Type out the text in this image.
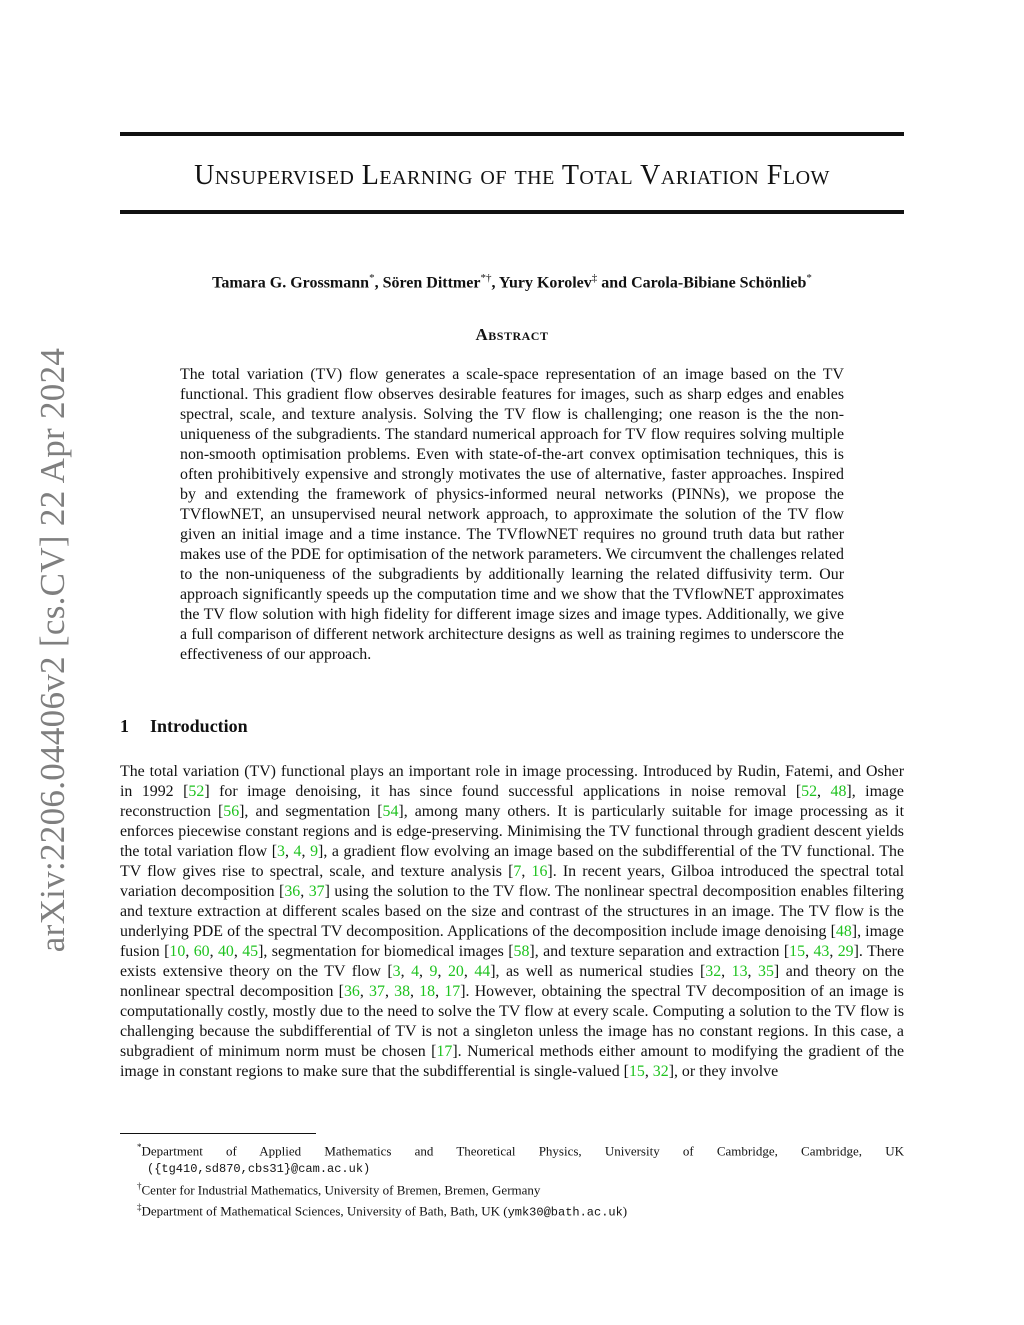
arXiv:2206.04406v2 [cs.CV] 22 Apr 2024
Unsupervised Learning of the Total Variation Flow
Tamara G. Grossmann*, Sören Dittmer*†, Yury Korolev‡ and Carola-Bibiane Schönlieb*
Abstract

The total variation (TV) flow generates a scale-space representation of an image based on the TV functional. This gradient flow observes desirable features for images, such as sharp edges and enables spectral, scale, and texture analysis. Solving the TV flow is challenging; one reason is the the non-uniqueness of the subgradients. The standard numerical approach for TV flow requires solving multiple non-smooth optimisation problems. Even with state-of-the-art convex optimisation techniques, this is often prohibitively expensive and strongly motivates the use of alternative, faster approaches. Inspired by and extending the framework of physics-informed neural networks (PINNs), we propose the TVflowNET, an unsupervised neural network approach, to approximate the solution of the TV flow given an initial image and a time instance. The TVflowNET requires no ground truth data but rather makes use of the PDE for optimisation of the network parameters. We circumvent the challenges related to the non-uniqueness of the subgradients by additionally learning the related diffusivity term. Our approach significantly speeds up the computation time and we show that the TVflowNET approximates the TV flow solution with high fidelity for different image sizes and image types. Additionally, we give a full comparison of different network architecture designs as well as training regimes to underscore the effectiveness of our approach.

1 Introduction

The total variation (TV) functional plays an important role in image processing. Introduced by Rudin, Fatemi, and Osher in 1992 [52] for image denoising, it has since found successful applications in noise removal [52, 48], image reconstruction [56], and segmentation [54], among many others. It is particularly suitable for image processing as it enforces piecewise constant regions and is edge-preserving. Minimising the TV functional through gradient descent yields the total variation flow [3, 4, 9], a gradient flow evolving an image based on the subdifferential of the TV functional. The TV flow gives rise to spectral, scale, and texture analysis [7, 16]. In recent years, Gilboa introduced the spectral total variation decomposition [36, 37] using the solution to the TV flow. The nonlinear spectral decomposition enables filtering and texture extraction at different scales based on the size and contrast of the structures in an image. The TV flow is the underlying PDE of the spectral TV decomposition. Applications of the decomposition include image denoising [48], image fusion [10, 60, 40, 45], segmentation for biomedical images [58], and texture separation and extraction [15, 43, 29]. There exists extensive theory on the TV flow [3, 4, 9, 20, 44], as well as numerical studies [32, 13, 35] and theory on the nonlinear spectral decomposition [36, 37, 38, 18, 17]. However, obtaining the spectral TV decomposition of an image is computationally costly, mostly due to the need to solve the TV flow at every scale. Computing a solution to the TV flow is challenging because the subdifferential of TV is not a singleton unless the image has no constant regions. In this case, a subgradient of minimum norm must be chosen [17]. Numerical methods either amount to modifying the gradient of the image in constant regions to make sure that the subdifferential is single-valued [15, 32], or they involve

*Department of Applied Mathematics and Theoretical Physics, University of Cambridge, Cambridge, UK

({tg410,sd870,cbs31}@cam.ac.uk)

†Center for Industrial Mathematics, University of Bremen, Bremen, Germany

‡Department of Mathematical Sciences, University of Bath, Bath, UK (ymk30@bath.ac.uk)
